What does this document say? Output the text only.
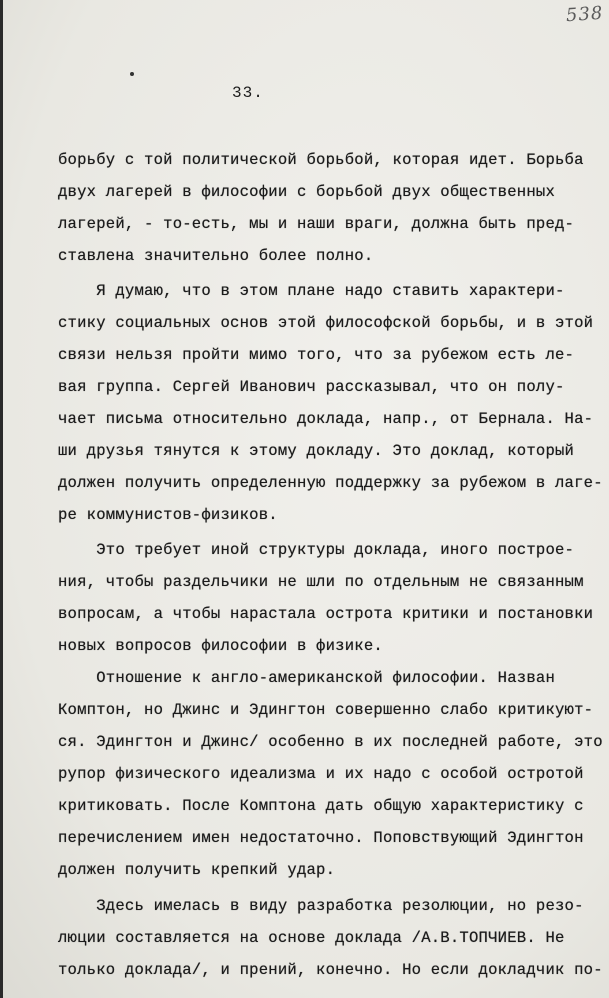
538
33.
борьбу с той политической борьбой, которая идет. Борьба
двух лагерей в философии с борьбой двух общественных
лагерей, - то-есть, мы и наши враги, должна быть пред-
ставлена значительно более полно.
Я думаю, что в этом плане надо ставить характери-
стику социальных основ этой философской борьбы, и в этой
связи нельзя пройти мимо того, что за рубежом есть ле-
вая группа. Сергей Иванович рассказывал, что он полу-
чает письма относительно доклада, напр., от Бернала. На-
ши друзья тянутся к этому докладу. Это доклад, который
должен получить определенную поддержку за рубежом в лаге-
ре коммунистов-физиков.
Это требует иной структуры доклада, иного построе-
ния, чтобы раздельчики не шли по отдельным не связанным
вопросам, а чтобы нарастала острота критики и постановки
новых вопросов философии в физике.
Отношение к англо-американской философии. Назван
Комптон, но Джинс и Эдингтон совершенно слабо критикуют-
ся. Эдингтон и Джинс/ особенно в их последней работе, это
рупор физического идеализма и их надо с особой остротой
критиковать. После Комптона дать общую характеристику с
перечислением имен недостаточно. Поповствующий Эдингтон
должен получить крепкий удар.
Здесь имелась в виду разработка резолюции, но резо-
люции составляется на основе доклада /А.В.ТОПЧИЕВ. Не
только доклада/, и прений, конечно. Но если докладчик по-
